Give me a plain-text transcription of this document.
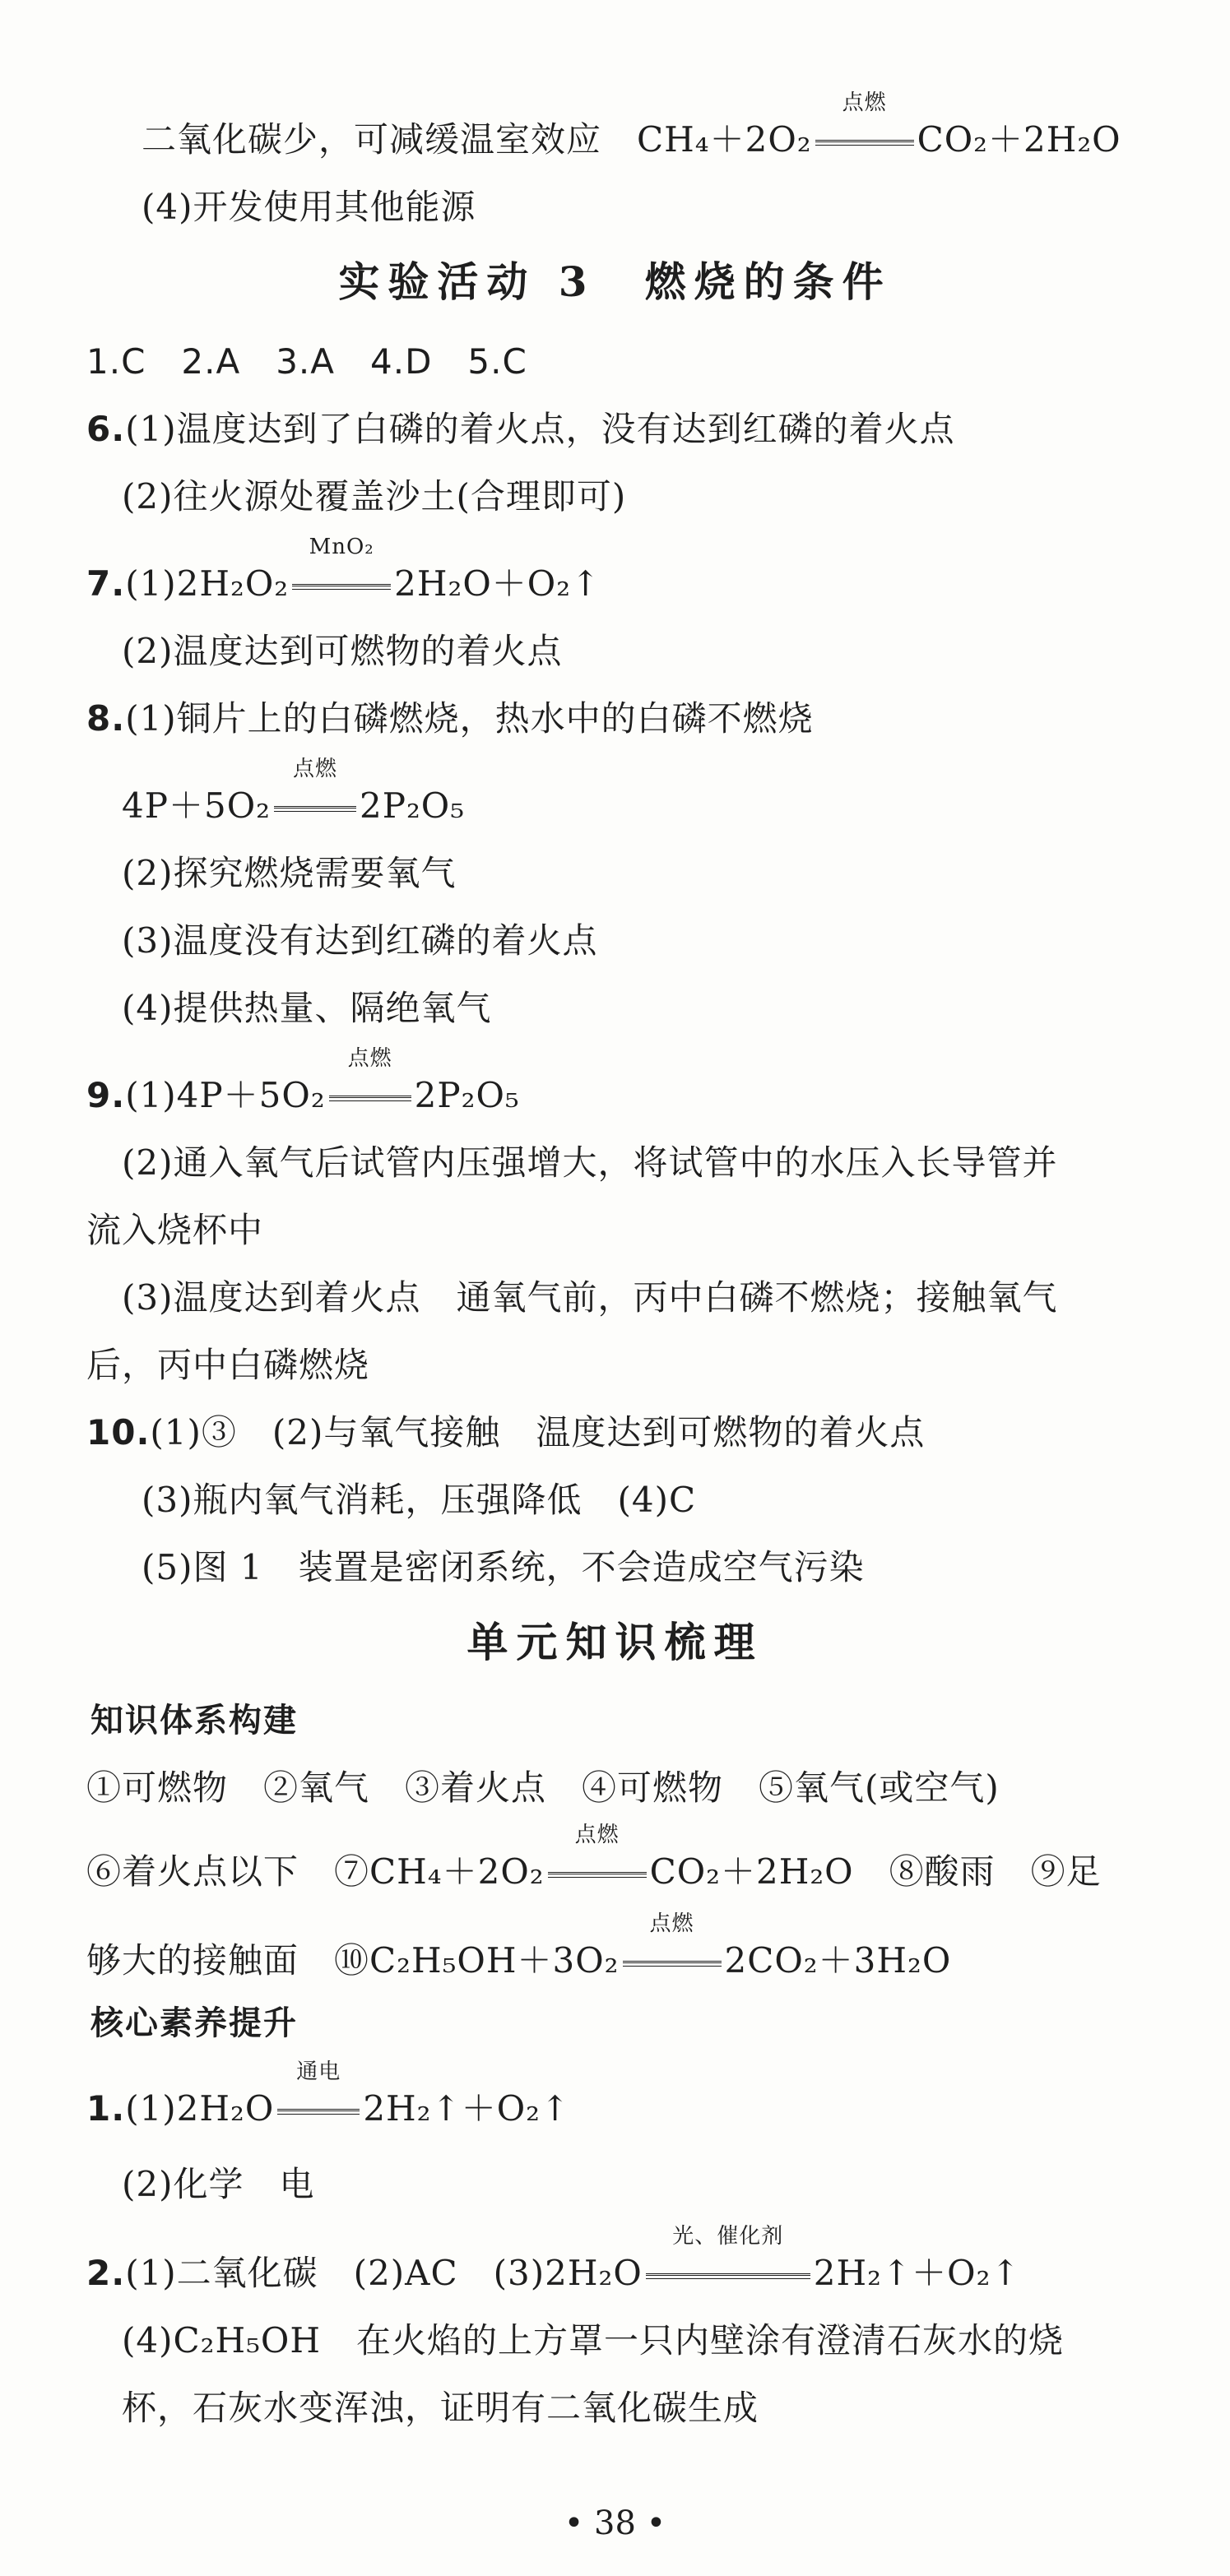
二氧化碳少，可减缓温室效应　CH₄＋2O₂
点燃
CO₂＋2H₂O
(4)开发使用其他能源
实验活动 3　燃烧的条件
1.C　2.A　3.A　4.D　5.C
6.(1)温度达到了白磷的着火点，没有达到红磷的着火点
(2)往火源处覆盖沙土(合理即可)
7.(1)2H₂O₂
MnO₂
2H₂O＋O₂↑
(2)温度达到可燃物的着火点
8.(1)铜片上的白磷燃烧，热水中的白磷不燃烧
4P＋5O₂
点燃
2P₂O₅
(2)探究燃烧需要氧气
(3)温度没有达到红磷的着火点
(4)提供热量、隔绝氧气
9.(1)4P＋5O₂
点燃
2P₂O₅
(2)通入氧气后试管内压强增大，将试管中的水压入长导管并
流入烧杯中
(3)温度达到着火点　通氧气前，丙中白磷不燃烧；接触氧气
后，丙中白磷燃烧
10.(1)③　(2)与氧气接触　温度达到可燃物的着火点
(3)瓶内氧气消耗，压强降低　(4)C
(5)图 1　装置是密闭系统，不会造成空气污染
单元知识梳理
知识体系构建
①可燃物　②氧气　③着火点　④可燃物　⑤氧气(或空气)
⑥着火点以下　⑦CH₄＋2O₂
点燃
CO₂＋2H₂O　⑧酸雨　⑨足
够大的接触面　⑩C₂H₅OH＋3O₂
点燃
2CO₂＋3H₂O
核心素养提升
1.(1)2H₂O
通电
2H₂↑＋O₂↑
(2)化学　电
2.(1)二氧化碳　(2)AC　(3)2H₂O
光、催化剂
2H₂↑＋O₂↑
(4)C₂H₅OH　在火焰的上方罩一只内壁涂有澄清石灰水的烧
杯，石灰水变浑浊，证明有二氧化碳生成
• 38 •
